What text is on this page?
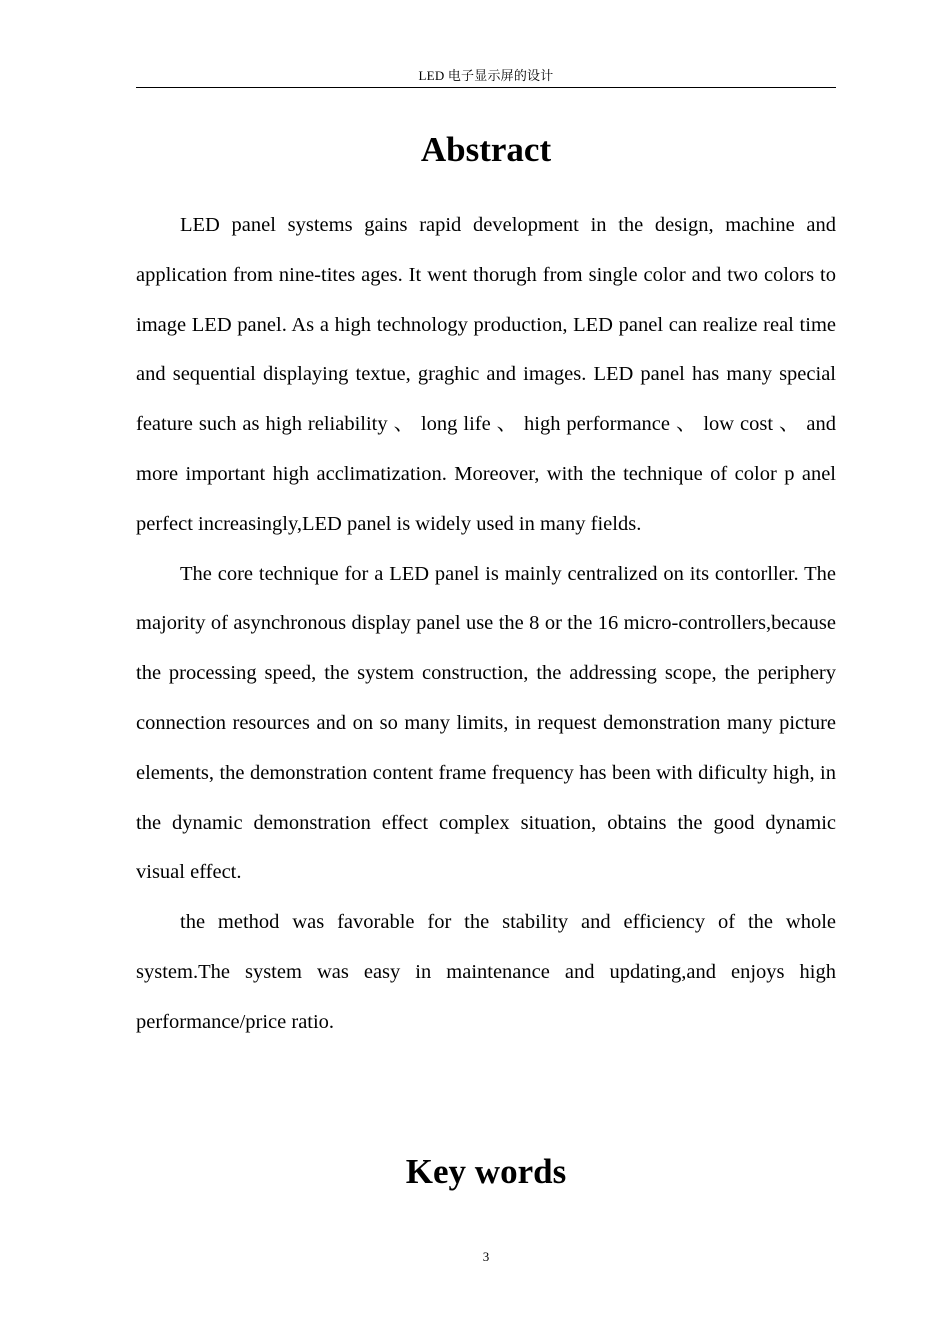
LED 电子显示屏的设计
Abstract

LED panel systems gains rapid development in the design, machine and application from nine-tites ages. It went thorugh from single color and two colors to image LED panel. As a high technology production, LED panel can realize real time and sequential displaying textue, graghic and images. LED panel has many special feature such as high reliability 、 long life 、 high performance 、 low cost 、 and more important high acclimatization. Moreover, with the technique of color p anel perfect increasingly,LED panel is widely used in many fields.

The core technique for a LED panel is mainly centralized on its contorller. The majority of asynchronous display panel use the 8 or the 16 micro-controllers,because the processing speed, the system construction, the addressing scope, the periphery connection resources and on so many limits, in request demonstration many picture elements, the demonstration content frame frequency has been with dificulty high, in the dynamic demonstration effect complex situation, obtains the good dynamic visual effect.

the method was favorable for the stability and efficiency of the whole system.The system was easy in maintenance and updating,and enjoys high performance/price ratio.

Key words
3
